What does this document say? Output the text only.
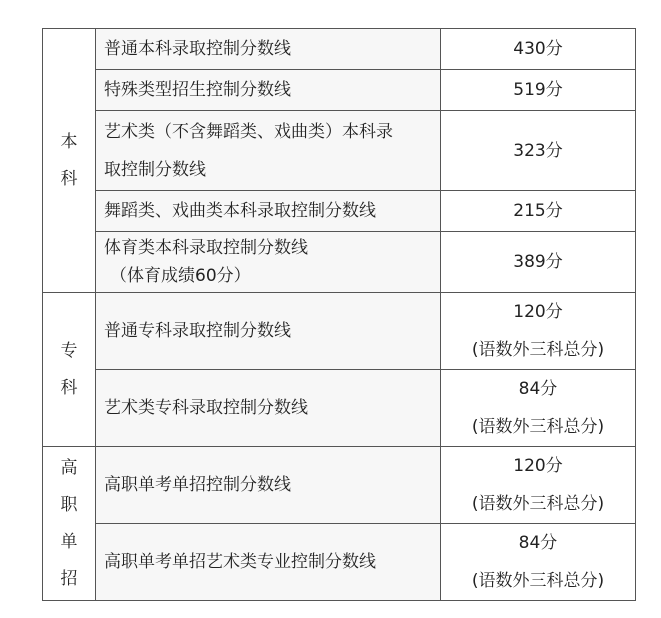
本
科	普通本科录取控制分数线	430分

	特殊类型招生控制分数线	519分

	艺术类（不含舞蹈类、戏曲类）本科录
取控制分数线	323分

	舞蹈类、戏曲类本科录取控制分数线	215分

	体育类本科录取控制分数线
（体育成绩60分）	389分

专
科	普通专科录取控制分数线	120分
(语数外三科总分)

	艺术类专科录取控制分数线	84分
(语数外三科总分)

高
职
单
招	高职单考单招控制分数线	120分
(语数外三科总分)

	高职单考单招艺术类专业控制分数线	84分
(语数外三科总分)
